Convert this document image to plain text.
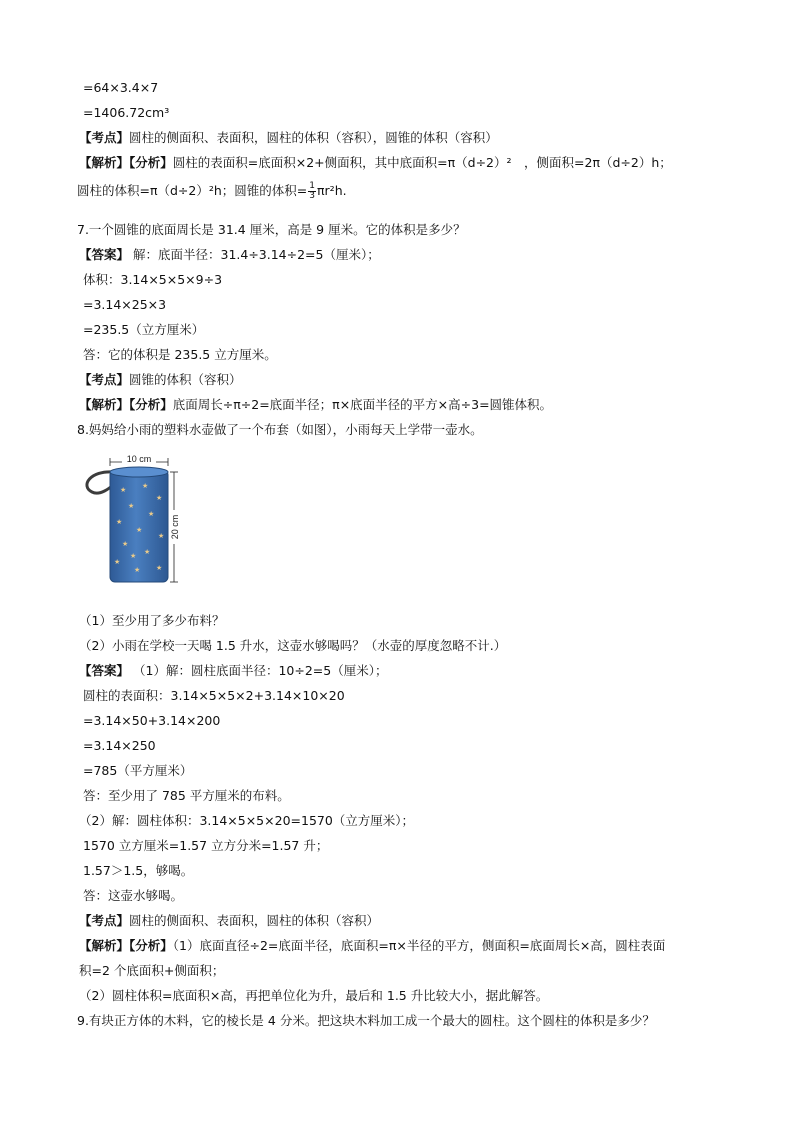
=64×3.4×7
=1406.72cm³
【考点】圆柱的侧面积、表面积，圆柱的体积（容积），圆锥的体积（容积）
【解析】【分析】圆柱的表面积=底面积×2+侧面积，其中底面积=π（d÷2）²　，侧面积=2π（d÷2）h；
圆柱的体积=π（d÷2）²h；圆锥的体积= $\frac{1}{3} \pi r^2h$.
7.一个圆锥的底面周长是 31.4 厘米，高是 9 厘米。它的体积是多少？
【答案】 解：底面半径：31.4÷3.14÷2=5（厘米）；
体积：3.14×5×5×9÷3
=3.14×25×3
=235.5（立方厘米）
答：它的体积是 235.5 立方厘米。
【考点】圆锥的体积（容积）
【解析】【分析】底面周长÷π÷2=底面半径；π×底面半径的平方×高÷3=圆锥体积。
8.妈妈给小雨的塑料水壶做了一个布套（如图），小雨每天上学带一壶水。
★ ★
★
★
★
★
★
★
★
★
★
★ ★
★
10 cm
20 cm
（1）至少用了多少布料？
（2）小雨在学校一天喝 1.5 升水，这壶水够喝吗？（水壶的厚度忽略不计.）
【答案】 （1）解：圆柱底面半径：10÷2=5（厘米）；
圆柱的表面积：3.14×5×5×2+3.14×10×20
=3.14×50+3.14×200
=3.14×250
=785（平方厘米）
答：至少用了 785 平方厘米的布料。
（2）解：圆柱体积：3.14×5×5×20=1570（立方厘米）；
1570 立方厘米=1.57 立方分米=1.57 升；
1.57＞1.5，够喝。
答：这壶水够喝。
【考点】圆柱的侧面积、表面积，圆柱的体积（容积）
【解析】【分析】（1）底面直径÷2=底面半径，底面积=π×半径的平方，侧面积=底面周长×高，圆柱表面
积=2 个底面积+侧面积；
（2）圆柱体积=底面积×高，再把单位化为升，最后和 1.5 升比较大小，据此解答。
9.有块正方体的木料，它的棱长是 4 分米。把这块木料加工成一个最大的圆柱。这个圆柱的体积是多少？
